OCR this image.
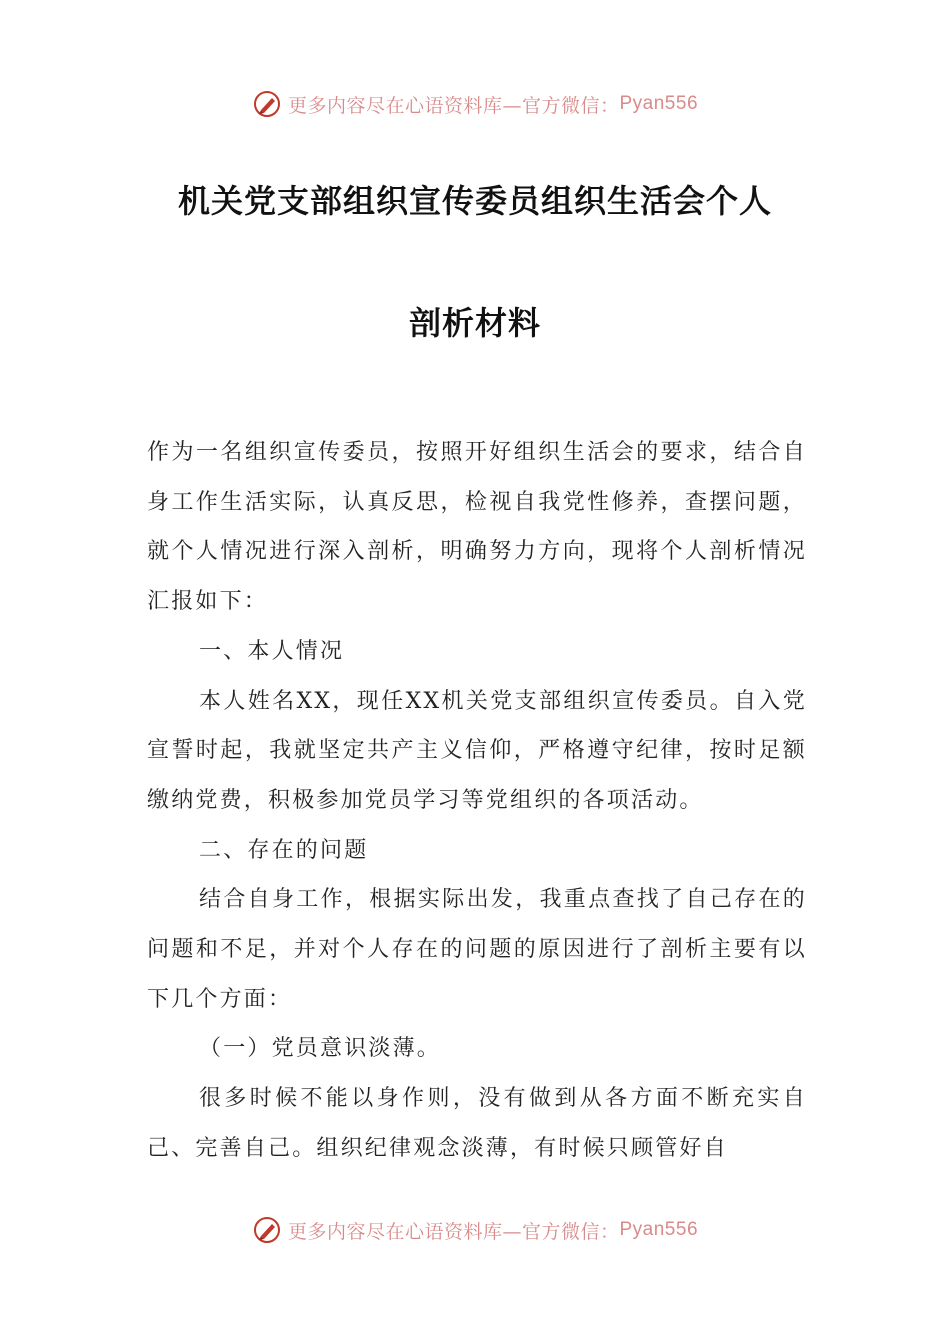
更多内容尽在心语资料库—官方微信： Pyan556
机关党支部组织宣传委员组织生活会个人
剖析材料

作为一名组织宣传委员，按照开好组织生活会的要求，结合自身工作生活实际，认真反思，检视自我党性修养，查摆问题，就个人情况进行深入剖析，明确努力方向，现将个人剖析情况汇报如下：

一、本人情况

本人姓名XX，现任XX机关党支部组织宣传委员。自入党宣誓时起，我就坚定共产主义信仰，严格遵守纪律，按时足额缴纳党费，积极参加党员学习等党组织的各项活动。

二、存在的问题

结合自身工作，根据实际出发，我重点查找了自己存在的问题和不足，并对个人存在的问题的原因进行了剖析主要有以下几个方面：

（一）党员意识淡薄。

很多时候不能以身作则，没有做到从各方面不断充实自己、完善自己。组织纪律观念淡薄，有时候只顾管好自

更多内容尽在心语资料库—官方微信： Pyan556
